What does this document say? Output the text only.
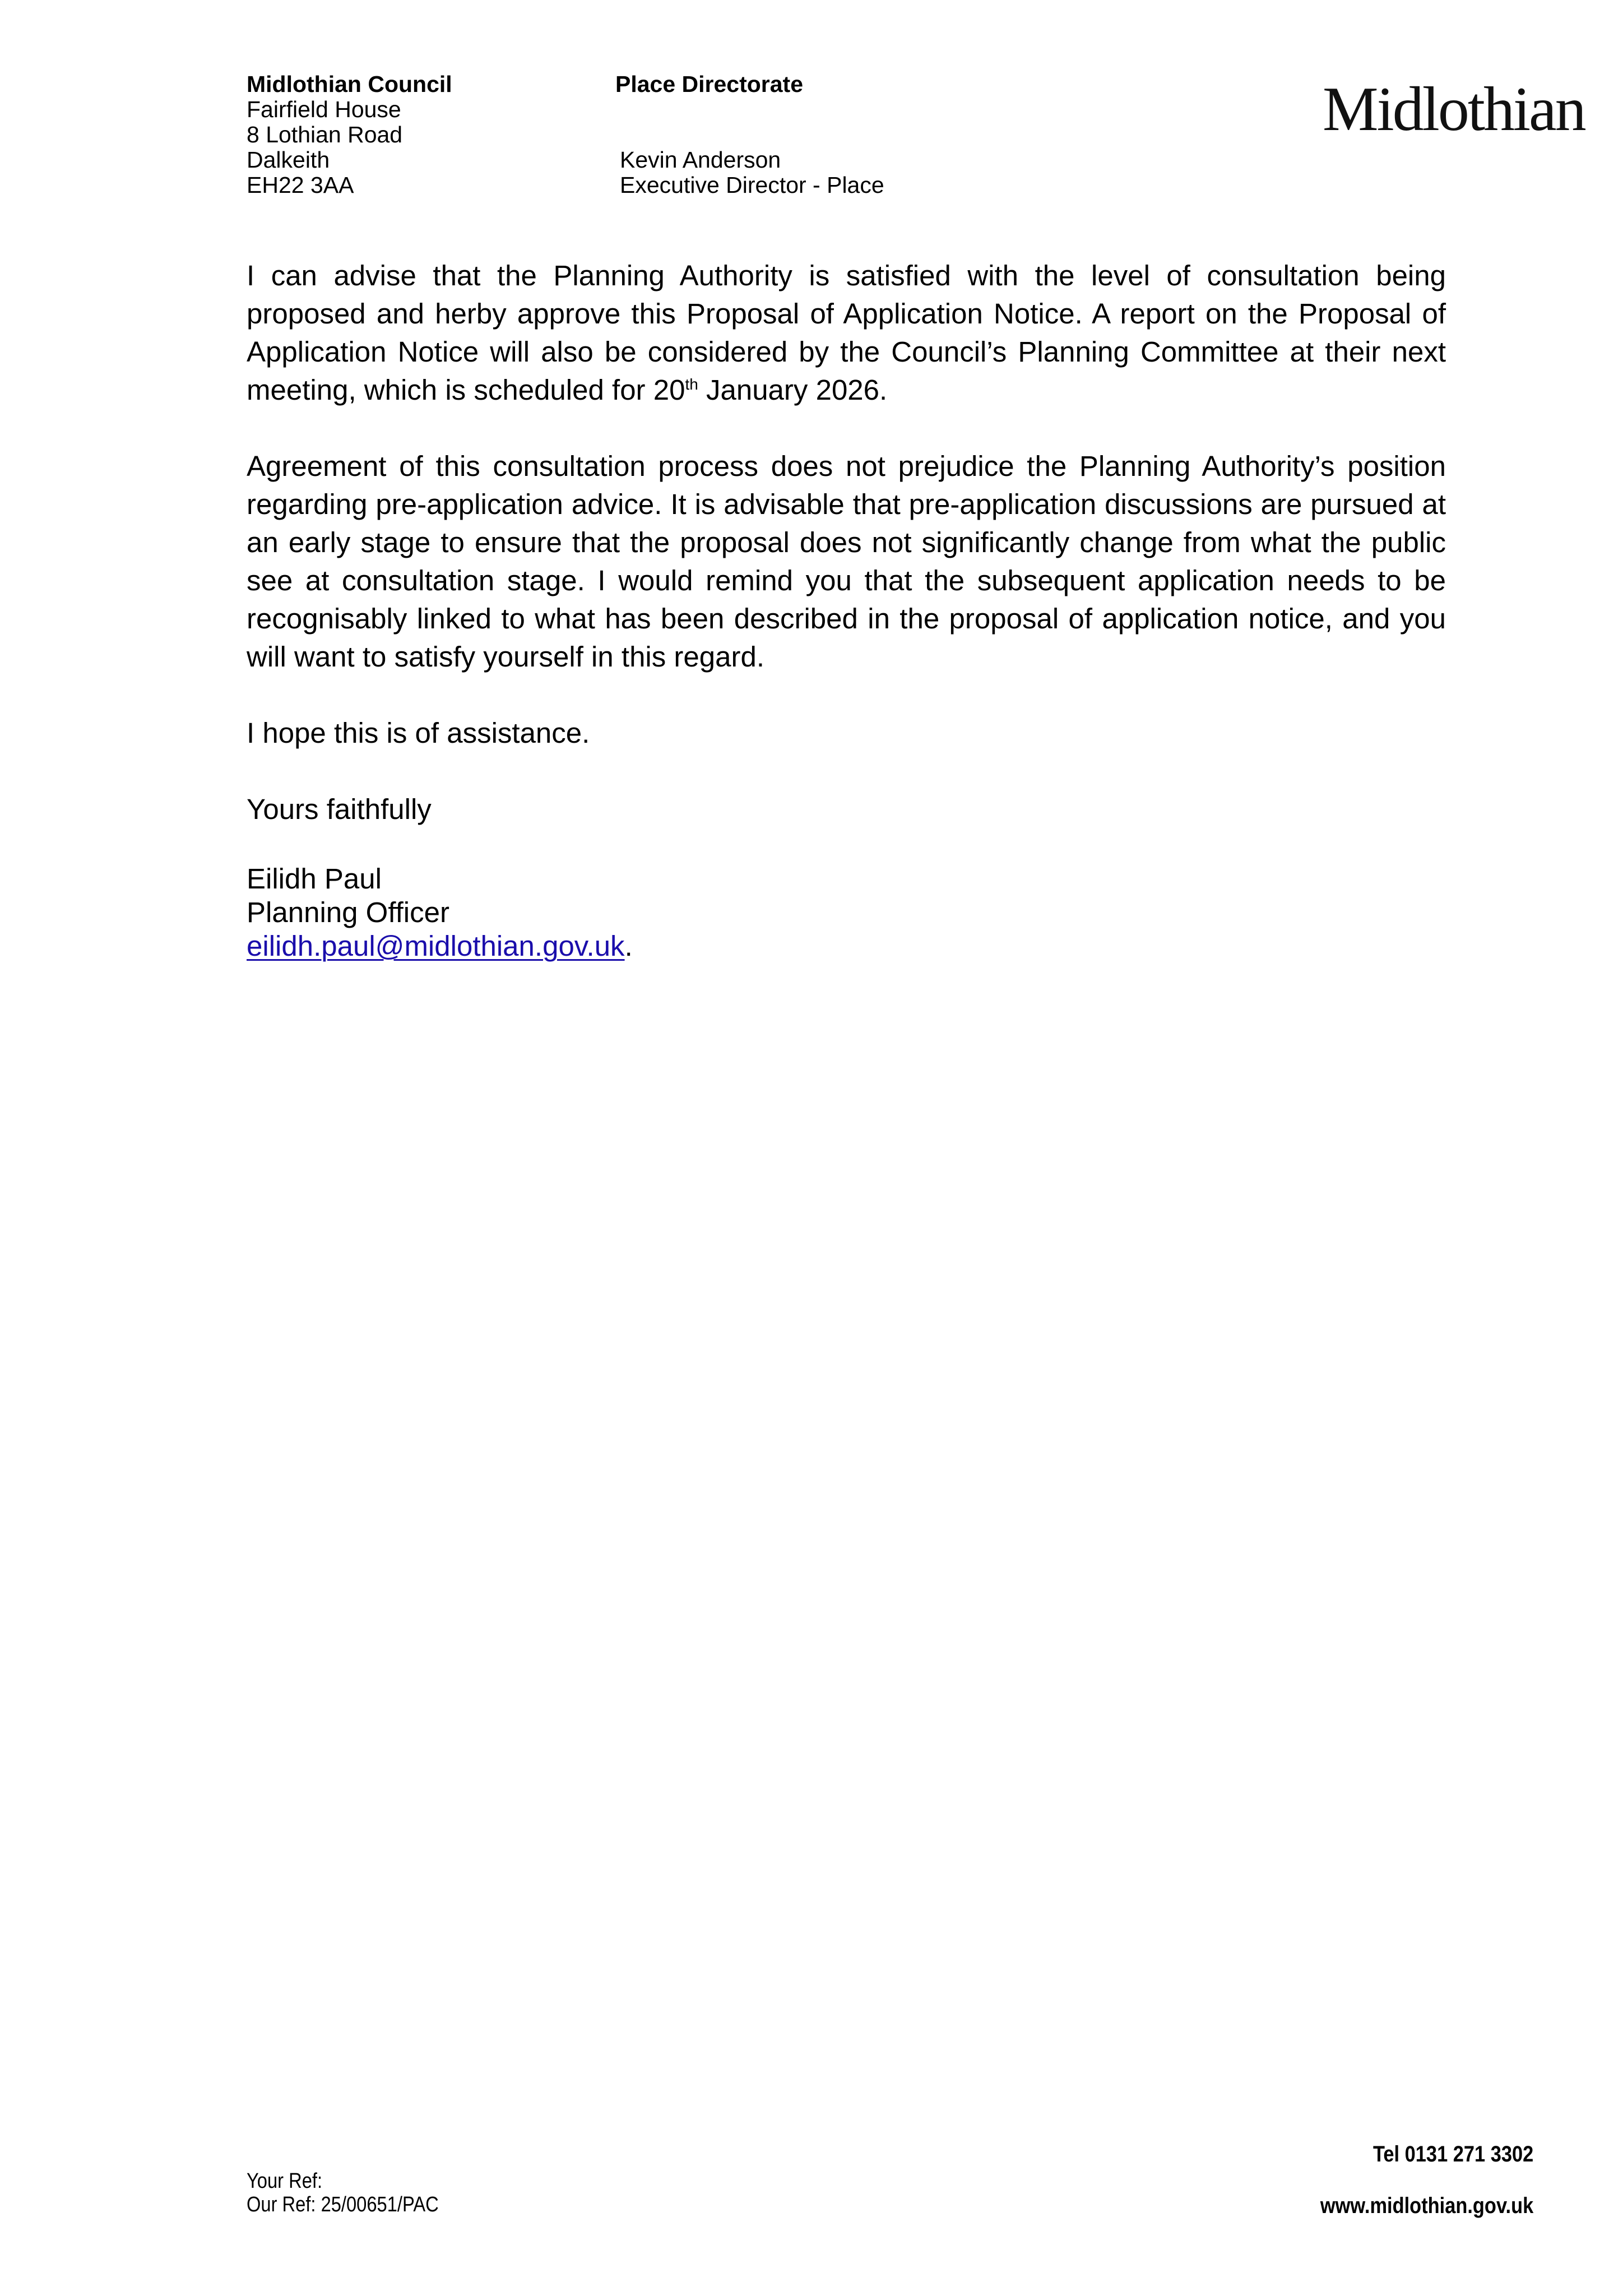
Midlothian Council
Fairfield House
8 Lothian Road
Dalkeith
EH22 3AA
Place Directorate
Kevin Anderson
Executive Director - Place
Midlothian

I can advise that the Planning Authority is satisfied with the level of consultation being proposed and herby approve this Proposal of Application Notice. A report on the Proposal of Application Notice will also be considered by the Council’s Planning Committee at their next meeting, which is scheduled for 20th January 2026.

Agreement of this consultation process does not prejudice the Planning Authority’s position regarding pre-application advice. It is advisable that pre-application discussions are pursued at an early stage to ensure that the proposal does not significantly change from what the public see at consultation stage. I would remind you that the subsequent application needs to be recognisably linked to what has been described in the proposal of application notice, and you will want to satisfy yourself in this regard.

I hope this is of assistance.

Yours faithfully

Eilidh Paul
Planning Officer
eilidh.paul@midlothian.gov.uk.
Your Ref:
Our Ref: 25/00651/PAC
Tel 0131 271 3302
www.midlothian.gov.uk
